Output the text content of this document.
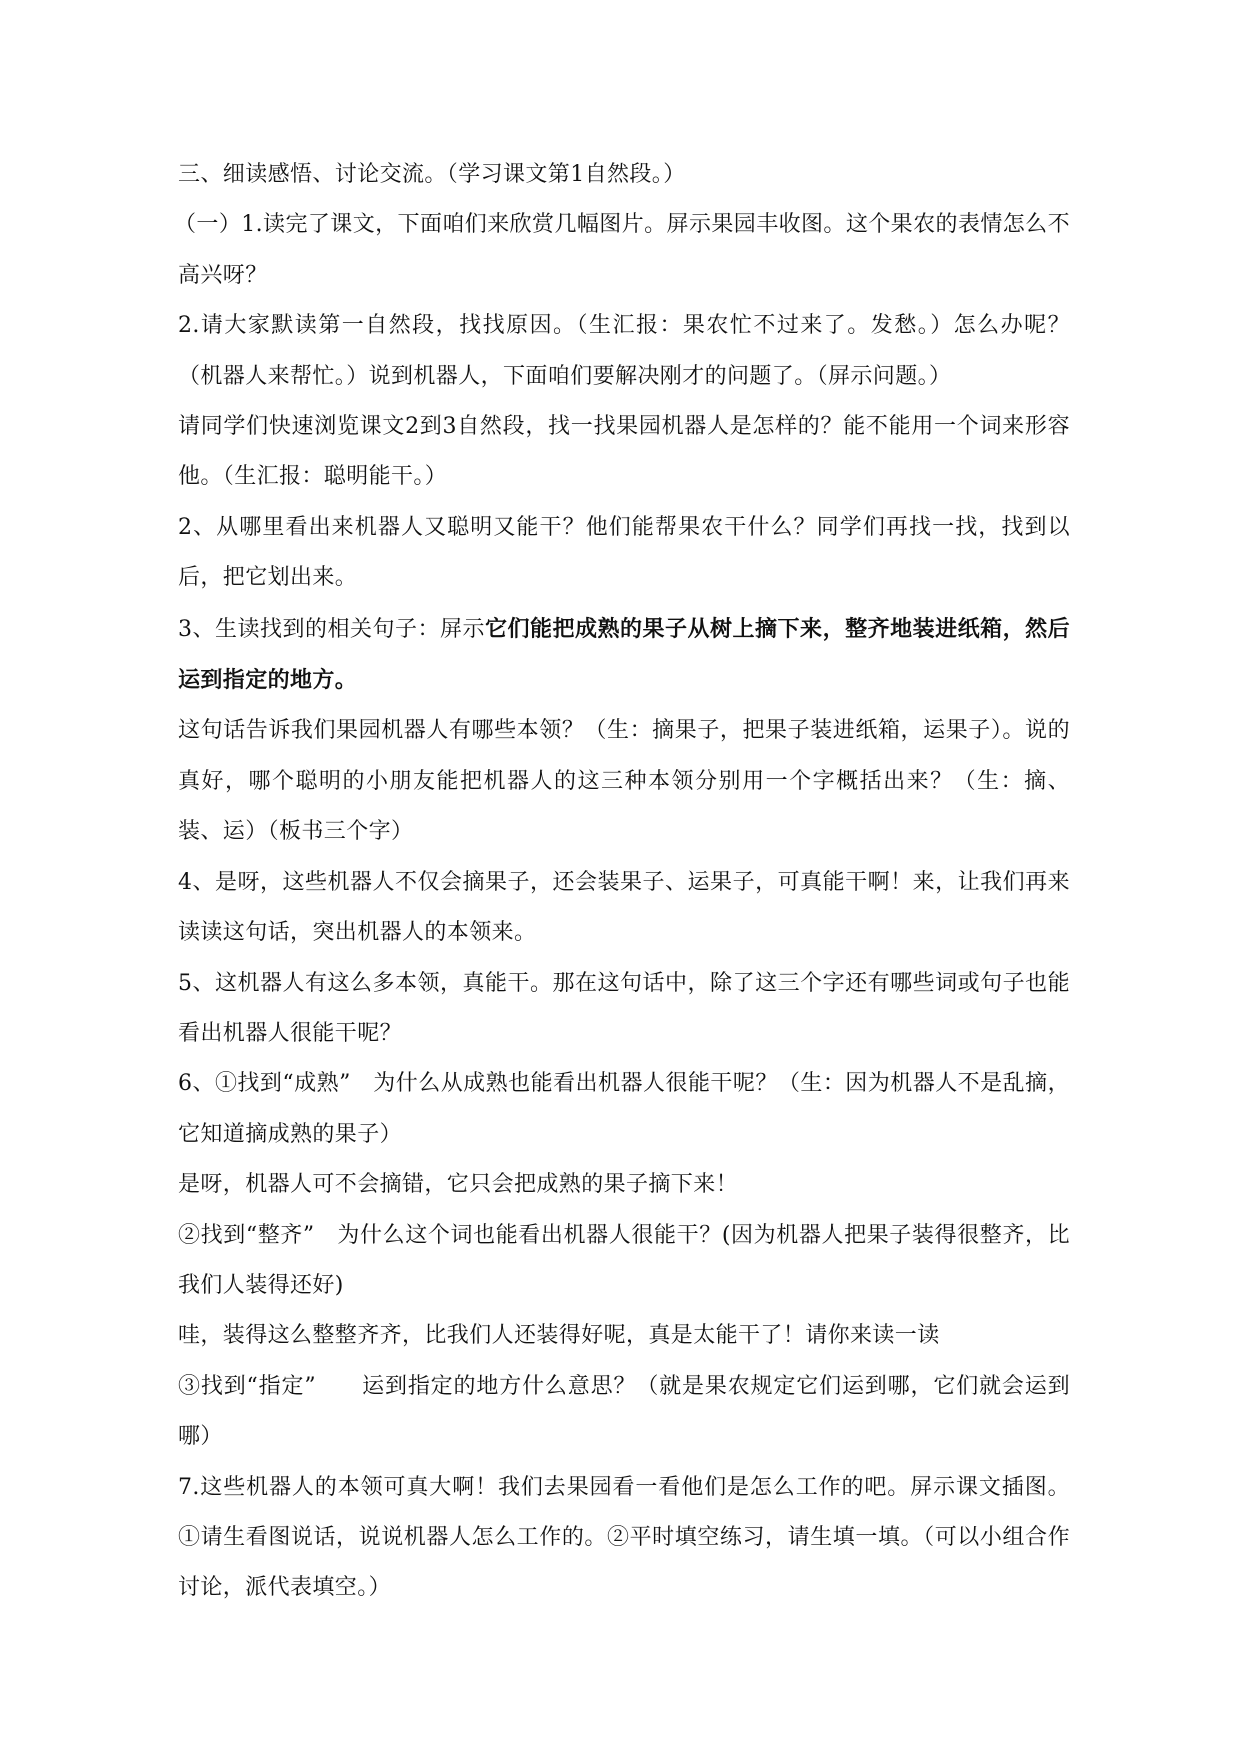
三、细读感悟、讨论交流。（学习课文第1自然段。）

（一）1.读完了课文，下面咱们来欣赏几幅图片。屏示果园丰收图。这个果农的表情怎么不高兴呀？

2.请大家默读第一自然段，找找原因。（生汇报：果农忙不过来了。发愁。）怎么办呢？（机器人来帮忙。）说到机器人，下面咱们要解决刚才的问题了。（屏示问题。）

请同学们快速浏览课文2到3自然段，找一找果园机器人是怎样的？能不能用一个词来形容他。（生汇报：聪明能干。）

2、从哪里看出来机器人又聪明又能干？他们能帮果农干什么？同学们再找一找，找到以后，把它划出来。

3、生读找到的相关句子：屏示它们能把成熟的果子从树上摘下来，整齐地装进纸箱，然后运到指定的地方。

这句话告诉我们果园机器人有哪些本领？（生：摘果子，把果子装进纸箱，运果子）。说的真好，哪个聪明的小朋友能把机器人的这三种本领分别用一个字概括出来？（生：摘、装、运）（板书三个字）

4、是呀，这些机器人不仅会摘果子，还会装果子、运果子，可真能干啊！来，让我们再来读读这句话，突出机器人的本领来。

5、这机器人有这么多本领，真能干。那在这句话中，除了这三个字还有哪些词或句子也能看出机器人很能干呢？

6、①找到“成熟”　为什么从成熟也能看出机器人很能干呢？（生：因为机器人不是乱摘，它知道摘成熟的果子）

是呀，机器人可不会摘错，它只会把成熟的果子摘下来！

②找到“整齐”　为什么这个词也能看出机器人很能干？(因为机器人把果子装得很整齐，比我们人装得还好)

哇，装得这么整整齐齐，比我们人还装得好呢，真是太能干了！请你来读一读

③找到“指定”　　运到指定的地方什么意思？（就是果农规定它们运到哪，它们就会运到哪）

7.这些机器人的本领可真大啊！我们去果园看一看他们是怎么工作的吧。屏示课文插图。①请生看图说话，说说机器人怎么工作的。②平时填空练习，请生填一填。（可以小组合作讨论，派代表填空。）
